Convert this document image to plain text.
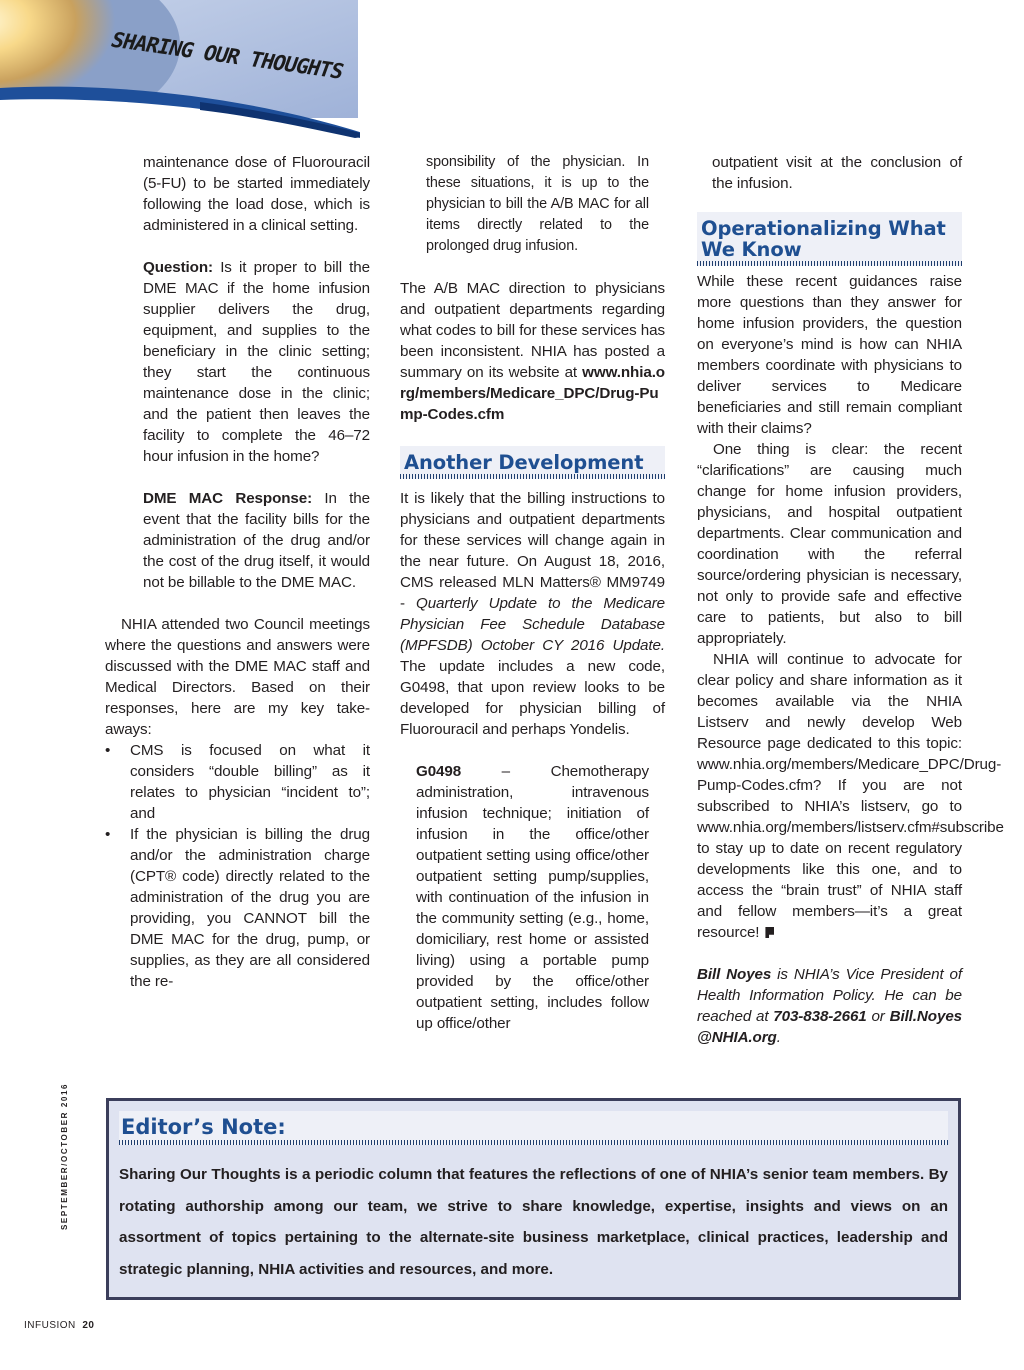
SHARING OUR THOUGHTS

maintenance dose of Fluorouracil (5-FU) to be started immediately following the load dose, which is administered in a clinical setting.

Question: Is it proper to bill the DME MAC if the home infusion supplier delivers the drug, equipment, and supplies to the beneficiary in the clinic setting; they start the continuous maintenance dose in the clinic; and the patient then leaves the facility to complete the 46–72 hour infusion in the home?

DME MAC Response: In the event that the facility bills for the administration of the drug and/or the cost of the drug itself, it would not be billable to the DME MAC.

NHIA attended two Council meetings where the questions and answers were discussed with the DME MAC staff and Medical Directors. Based on their responses, here are my key take-aways:

• CMS is focused on what it considers “double billing” as it relates to physician “incident to”; and
• If the physician is billing the drug and/or the administration charge (CPT® code) directly related to the administration of the drug you are providing, you CANNOT bill the DME MAC for the drug, pump, or supplies, as they are all considered the re-
sponsibility of the physician. In these situations, it is up to the physician to bill the A/B MAC for all items directly related to the prolonged drug infusion.

The A/B MAC direction to physicians and outpatient departments regarding what codes to bill for these services has been inconsistent. NHIA has posted a summary on its website at www.nhia.org/members/Medicare_DPC/Drug-Pump-Codes.cfm

Another Development

It is likely that the billing instructions to physicians and outpatient departments for these services will change again in the near future. On August 18, 2016, CMS released MLN Matters® MM9749 - Quarterly Update to the Medicare Physician Fee Schedule Database (MPFSDB) October CY 2016 Update. The update includes a new code, G0498, that upon review looks to be developed for physician billing of Fluorouracil and perhaps Yondelis.

G0498 – Chemotherapy administration, intravenous infusion technique; initiation of infusion in the office/other outpatient setting using office/other outpatient setting pump/supplies, with continuation of the infusion in the community setting (e.g., home, domiciliary, rest home or assisted living) using a portable pump provided by the office/other outpatient setting, includes follow up office/other

outpatient visit at the conclusion of the infusion.

Operationalizing What We Know

While these recent guidances raise more questions than they answer for home infusion providers, the question on everyone’s mind is how can NHIA members coordinate with physicians to deliver services to Medicare beneficiaries and still remain compliant with their claims?

One thing is clear: the recent “clarifications” are causing much change for home infusion providers, physicians, and hospital outpatient departments. Clear communication and coordination with the referral source/ordering physician is necessary, not only to provide safe and effective care to patients, but also to bill appropriately.

NHIA will continue to advocate for clear policy and share information as it becomes available via the NHIA Listserv and newly develop Web Resource page dedicated to this topic: www.nhia.org/members/Medicare_DPC/Drug-Pump-Codes.cfm? If you are not subscribed to NHIA’s listserv, go to www.nhia.org/members/listserv.cfm#subscribe to stay up to date on recent regulatory developments like this one, and to access the “brain trust” of NHIA staff and fellow members—it’s a great resource!

Bill Noyes is NHIA’s Vice President of Health Information Policy. He can be reached at 703-838-2661 or Bill.Noyes@NHIA.org.

Editor’s Note:
Sharing Our Thoughts is a periodic column that features the reflections of one of NHIA’s senior team members. By rotating authorship among our team, we strive to share knowledge, expertise, insights and views on an assortment of topics pertaining to the alternate-site business marketplace, clinical practices, leadership and strategic planning, NHIA activities and resources, and more.
SEPTEMBER/OCTOBER 2016
INFUSION 20
